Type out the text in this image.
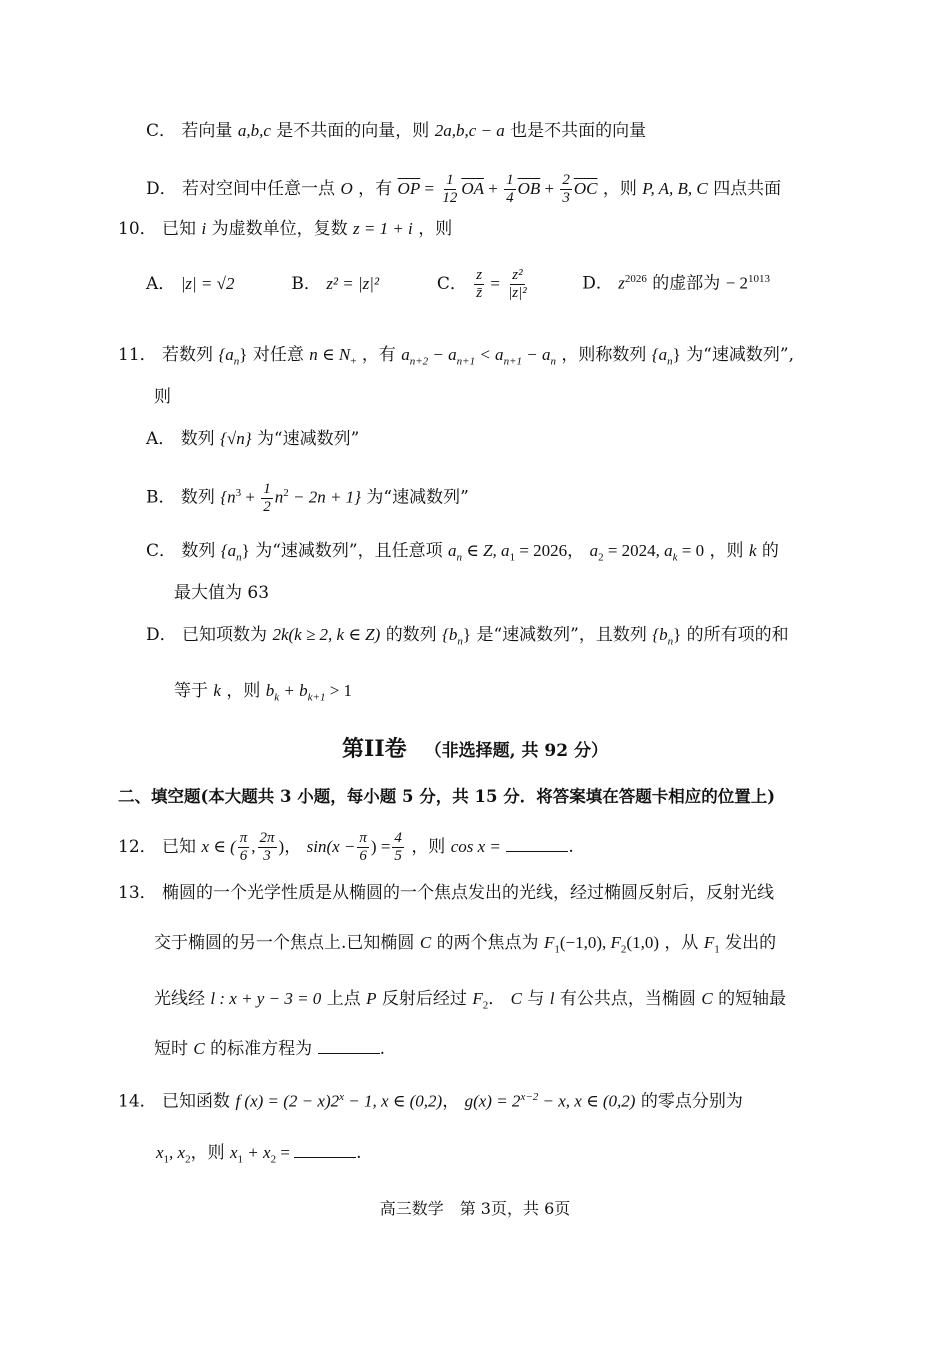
C． 若向量 a,b,c 是不共面的向量，则 2a,b,c − a 也是不共面的向量
D． 若对空间中任意一点 O ，有 $\overline{OP} = \frac{1}{12} \overline{OA} + \frac{1}{4} \overline{OB} + \frac{2}{3} \overline{OC}$ ，则 P, A, B, C 四点共面
10． 已知 i 为虚数单位，复数 z = 1 + i ，则
A． |z| = √2	B． z² = |z|²	C． $\frac{z}{z̄} = \frac{\text{z²}}{\text{|z|²}}$	D． $z^{2026}$ 的虚部为 − $2^{1013}$
11． 若数列 $\{a_n\}$ 对任意 n ∈ $N_+$ ，有 $a_{n+2} - a_{n+1} < a_{n+1} - a_n$ ，则称数列 $\{a_n\}$ 为“速减数列”,
则
A． 数列 {√n} 为“速减数列”
B． 数列 $\{n^3 + \frac{1}{2} n^2 - 2n + 1\}$ 为“速减数列”
C． 数列 $\{a_n\}$ 为“速减数列”，且任意项 $a_n$ ∈ Z, $a_1 = 2026$， $a_2 = 2024$, $a_k = 0$ ，则 k 的
最大值为 63
D． 已知项数为 2k(k ≥ 2, k ∈ Z) 的数列 $\{b_n\}$ 是“速减数列”，且数列 $\{b_n\}$ 的所有项的和
等于 k ，则 $b_k + b_{k+1} > 1$
第II卷 （非选择题, 共 92 分）
二、填空题(本大题共 3 小题，每小题 5 分，共 15 分．将答案填在答题卡相应的位置上)
12． 已知 x ∈ ( $\frac{\pi}{6}$ , $\frac{2\pi}{3}$ )， $\sin(x - \frac{\pi}{6}$ ) = $\frac{4}{5}$ ，则 cos x =	.
13． 椭圆的一个光学性质是从椭圆的一个焦点发出的光线，经过椭圆反射后，反射光线
交于椭圆的另一个焦点上.已知椭圆 C 的两个焦点为 $F_1(-1,0)$, $F_2(1,0)$ ，从 $F_1$ 发出的
光线经 l : x + y − 3 = 0 上点 P 反射后经过 $F_2$． C 与 l 有公共点，当椭圆 C 的短轴最
短时 C 的标准方程为	.
14． 已知函数 f $(x) = (2 - x)2^x - 1$, x ∈ (0,2)， $g(x) = 2^{x-2} - x$, x ∈ (0,2) 的零点分别为
$x_1$, $x_2$，则 $x_1 + x_2$ =	.
高三数学　第 3页，共 6页
